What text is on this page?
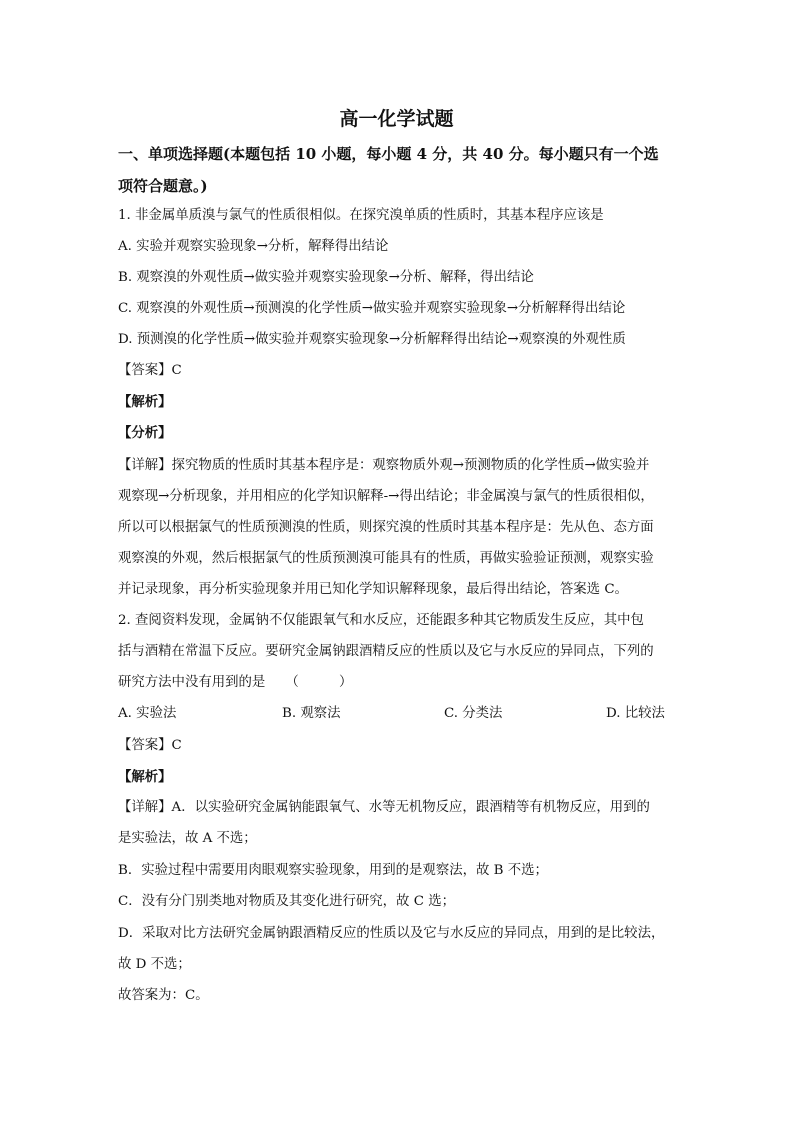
高一化学试题
一、单项选择题(本题包括 10 小题，每小题 4 分，共 40 分。每小题只有一个选
项符合题意。)
1. 非金属单质溴与氯气的性质很相似。在探究溴单质的性质时，其基本程序应该是
A. 实验并观察实验现象→分析，解释得出结论
B. 观察溴的外观性质→做实验并观察实验现象→分析、解释，得出结论
C. 观察溴的外观性质→预测溴的化学性质→做实验并观察实验现象→分析解释得出结论
D. 预测溴的化学性质→做实验并观察实验现象→分析解释得出结论→观察溴的外观性质
【答案】C
【解析】
【分析】
【详解】探究物质的性质时其基本程序是：观察物质外观→预测物质的化学性质→做实验并
观察现→分析现象，并用相应的化学知识解释-→得出结论；非金属溴与氯气的性质很相似，
所以可以根据氯气的性质预测溴的性质，则探究溴的性质时其基本程序是：先从色、态方面
观察溴的外观，然后根据氯气的性质预测溴可能具有的性质，再做实验验证预测，观察实验
并记录现象，再分析实验现象并用已知化学知识解释现象，最后得出结论，答案选 C。
2. 查阅资料发现，金属钠不仅能跟氧气和水反应，还能跟多种其它物质发生反应，其中包
括与酒精在常温下反应。要研究金属钠跟酒精反应的性质以及它与水反应的异同点，下列的
研究方法中没有用到的是　　（　　　）
A. 实验法	B. 观察法	C. 分类法	D. 比较法
【答案】C
【解析】
【详解】A．以实验研究金属钠能跟氧气、水等无机物反应，跟酒精等有机物反应，用到的
是实验法，故 A 不选；
B．实验过程中需要用肉眼观察实验现象，用到的是观察法，故 B 不选；
C．没有分门别类地对物质及其变化进行研究，故 C 选；
D．采取对比方法研究金属钠跟酒精反应的性质以及它与水反应的异同点，用到的是比较法，
故 D 不选；
故答案为：C。
